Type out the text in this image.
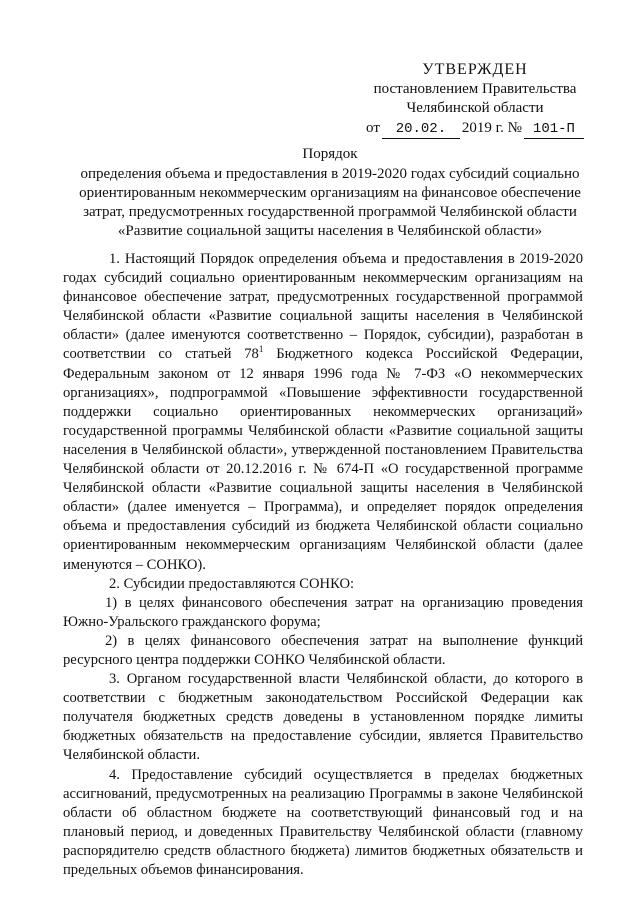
УТВЕРЖДЕН
постановлением Правительства
Челябинской области
от	20.02.	2019 г. № 101-П
Порядок
определения объема и предоставления в 2019-2020 годах субсидий социально
ориентированным некоммерческим организациям на финансовое обеспечение
затрат, предусмотренных государственной программой Челябинской области
«Развитие социальной защиты населения в Челябинской области»

1. Настоящий Порядок определения объема и предоставления в 2019-2020 годах субсидий социально ориентированным некоммерческим организациям на финансовое обеспечение затрат, предусмотренных государственной программой Челябинской области «Развитие социальной защиты населения в Челябинской области» (далее именуются соответственно – Порядок, субсидии), разработан в соответствии со статьей $78^1$ Бюджетного кодекса Российской Федерации, Федеральным законом от 12 января 1996 года № 7-ФЗ «О некоммерческих организациях», подпрограммой «Повышение эффективности государственной поддержки социально ориентированных некоммерческих организаций» государственной программы Челябинской области «Развитие социальной защиты населения в Челябинской области», утвержденной постановлением Правительства Челябинской области от 20.12.2016 г. № 674-П «О государственной программе Челябинской области «Развитие социальной защиты населения в Челябинской области» (далее именуется – Программа), и определяет порядок определения объема и предоставления субсидий из бюджета Челябинской области социально ориентированным некоммерческим организациям Челябинской области (далее именуются – СОНКО).

2. Субсидии предоставляются СОНКО:

1) в целях финансового обеспечения затрат на организацию проведения Южно-Уральского гражданского форума;

2) в целях финансового обеспечения затрат на выполнение функций ресурсного центра поддержки СОНКО Челябинской области.

3. Органом государственной власти Челябинской области, до которого в соответствии с бюджетным законодательством Российской Федерации как получателя бюджетных средств доведены в установленном порядке лимиты бюджетных обязательств на предоставление субсидии, является Правительство Челябинской области.

4. Предоставление субсидий осуществляется в пределах бюджетных ассигнований, предусмотренных на реализацию Программы в законе Челябинской области об областном бюджете на соответствующий финансовый год и на плановый период, и доведенных Правительству Челябинской области (главному распорядителю средств областного бюджета) лимитов бюджетных обязательств и предельных объемов финансирования.
